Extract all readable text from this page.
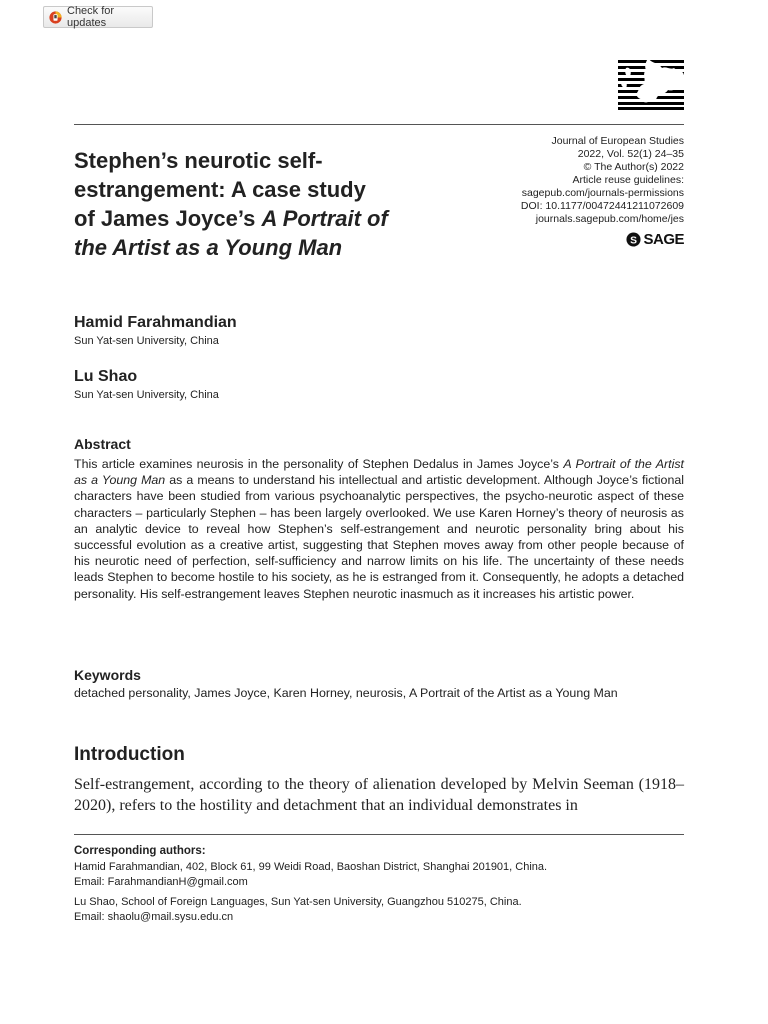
Check for updates
Stephen’s neurotic self-
estrangement: A case study
of James Joyce’s A Portrait of
the Artist as a Young Man
Journal of European Studies
2022, Vol. 52(1) 24–35
© The Author(s) 2022
Article reuse guidelines:
sagepub.com/journals-permissions
DOI: 10.1177/00472441211072609
journals.sagepub.com/home/jes
S SAGE
Hamid Farahmandian
Sun Yat-sen University, China
Lu Shao
Sun Yat-sen University, China
Abstract

This article examines neurosis in the personality of Stephen Dedalus in James Joyce’s A Portrait of the Artist as a Young Man as a means to understand his intellectual and artistic development. Although Joyce’s fictional characters have been studied from various psychoanalytic perspectives, the psycho-neurotic aspect of these characters – particularly Stephen – has been largely overlooked. We use Karen Horney’s theory of neurosis as an analytic device to reveal how Stephen’s self-estrangement and neurotic personality bring about his successful evolution as a creative artist, suggesting that Stephen moves away from other people because of his neurotic need of perfection, self-sufficiency and narrow limits on his life. The uncertainty of these needs leads Stephen to become hostile to his society, as he is estranged from it. Consequently, he adopts a detached personality. His self-estrangement leaves Stephen neurotic inasmuch as it increases his artistic power.

Keywords
detached personality, James Joyce, Karen Horney, neurosis, A Portrait of the Artist as a Young Man
Introduction

Self-estrangement, according to the theory of alienation developed by Melvin Seeman (1918–2020), refers to the hostility and detachment that an individual demonstrates in

Corresponding authors:
Hamid Farahmandian, 402, Block 61, 99 Weidi Road, Baoshan District, Shanghai 201901, China.
Email: FarahmandianH@gmail.com
Lu Shao, School of Foreign Languages, Sun Yat-sen University, Guangzhou 510275, China.
Email: shaolu@mail.sysu.edu.cn
